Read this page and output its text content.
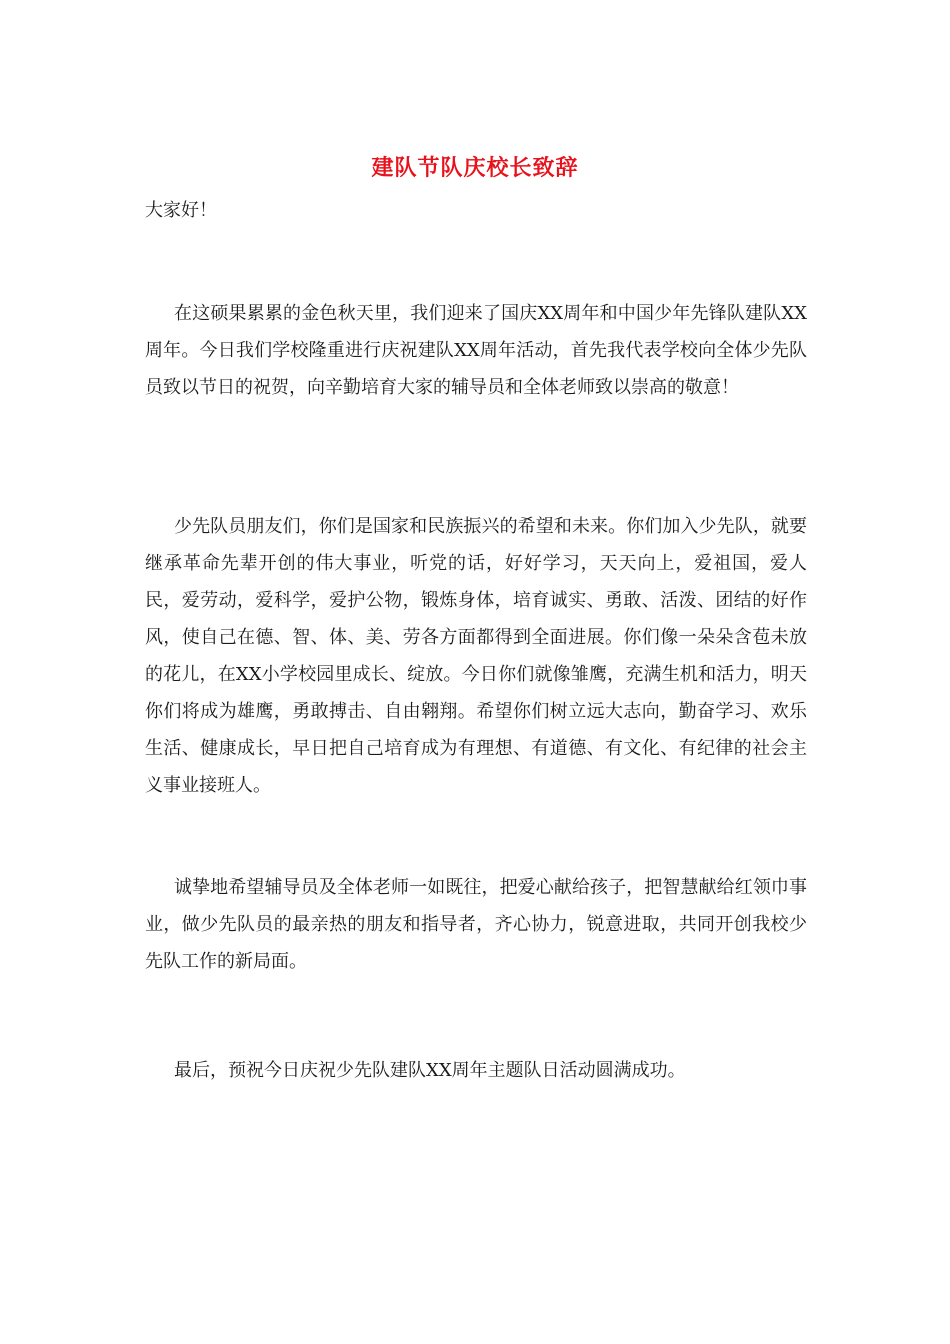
建队节队庆校长致辞
大家好！

在这硕果累累的金色秋天里，我们迎来了国庆XX周年和中国少年先锋队建队XX周年。今日我们学校隆重进行庆祝建队XX周年活动，首先我代表学校向全体少先队员致以节日的祝贺，向辛勤培育大家的辅导员和全体老师致以崇高的敬意！

少先队员朋友们，你们是国家和民族振兴的希望和未来。你们加入少先队，就要继承革命先辈开创的伟大事业，听党的话，好好学习，天天向上，爱祖国，爱人民，爱劳动，爱科学，爱护公物，锻炼身体，培育诚实、勇敢、活泼、团结的好作风，使自己在德、智、体、美、劳各方面都得到全面进展。你们像一朵朵含苞未放的花儿，在XX小学校园里成长、绽放。今日你们就像雏鹰，充满生机和活力，明天你们将成为雄鹰，勇敢搏击、自由翱翔。希望你们树立远大志向，勤奋学习、欢乐生活、健康成长，早日把自己培育成为有理想、有道德、有文化、有纪律的社会主义事业接班人。

诚挚地希望辅导员及全体老师一如既往，把爱心献给孩子，把智慧献给红领巾事业，做少先队员的最亲热的朋友和指导者，齐心协力，锐意进取，共同开创我校少先队工作的新局面。

最后，预祝今日庆祝少先队建队XX周年主题队日活动圆满成功。
